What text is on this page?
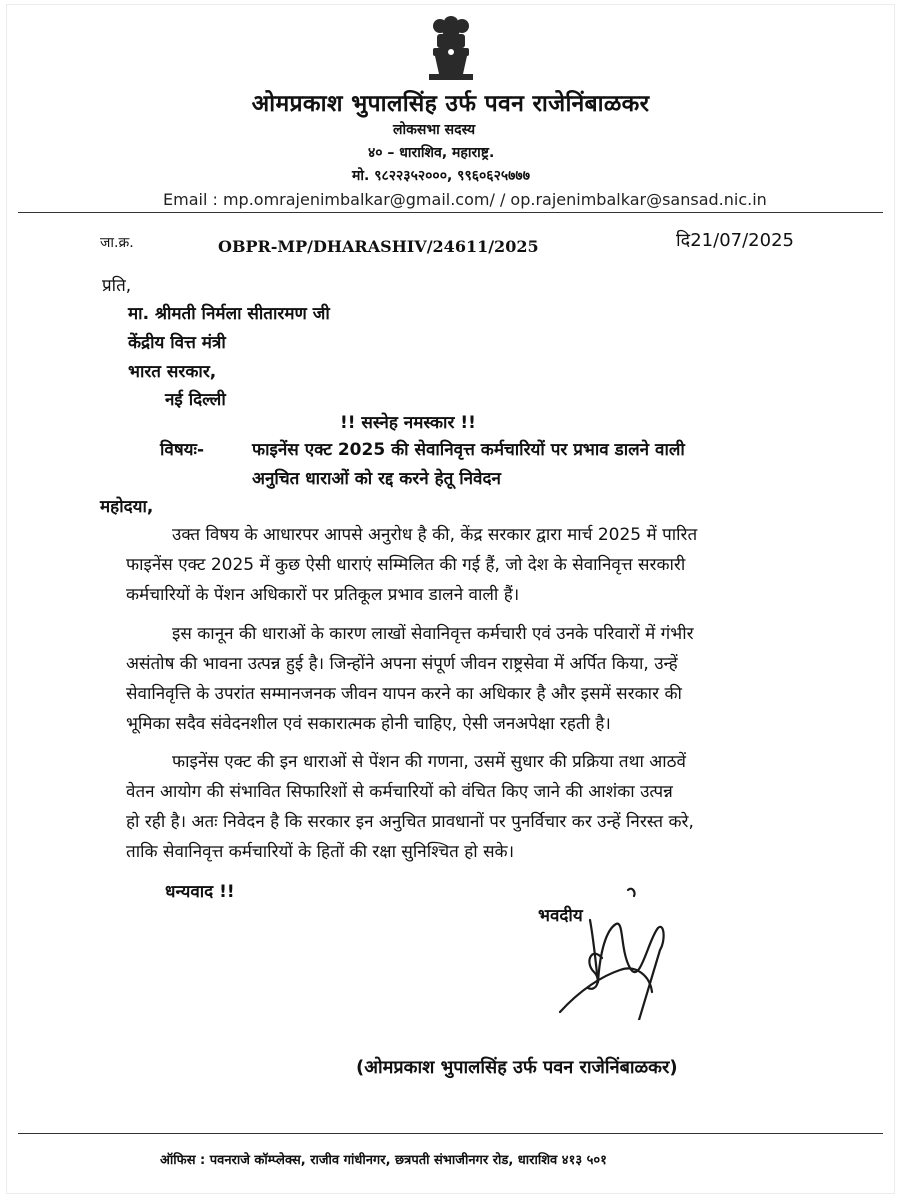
ओमप्रकाश भुपालसिंह उर्फ पवन राजेनिंबाळकर
लोकसभा सदस्य
४० – धाराशिव, महाराष्ट्र.
मो. ९८२२३५२०००, ९९६०६२५७७७
Email : mp.omrajenimbalkar@gmail.com/ / op.rajenimbalkar@sansad.nic.in
जा.क्र.	OBPR-MP/DHARASHIV/24611/2025	दि21/07/2025
प्रति,
मा. श्रीमती निर्मला सीतारमण जी
केंद्रीय वित्त मंत्री
भारत सरकार,
नई दिल्ली
!! सस्नेह नमस्कार !!
विषयः-	फाइनेंस एक्ट 2025 की सेवानिवृत्त कर्मचारियों पर प्रभाव डालने वाली
अनुचित धाराओं को रद्द करने हेतू निवेदन
महोदया,
उक्त विषय के आधारपर आपसे अनुरोध है की, केंद्र सरकार द्वारा मार्च 2025 में पारित
फाइनेंस एक्ट 2025 में कुछ ऐसी धाराएं सम्मिलित की गई हैं, जो देश के सेवानिवृत्त सरकारी
कर्मचारियों के पेंशन अधिकारों पर प्रतिकूल प्रभाव डालने वाली हैं।
इस कानून की धाराओं के कारण लाखों सेवानिवृत्त कर्मचारी एवं उनके परिवारों में गंभीर
असंतोष की भावना उत्पन्न हुई है। जिन्होंने अपना संपूर्ण जीवन राष्ट्रसेवा में अर्पित किया, उन्हें
सेवानिवृत्ति के उपरांत सम्मानजनक जीवन यापन करने का अधिकार है और इसमें सरकार की
भूमिका सदैव संवेदनशील एवं सकारात्मक होनी चाहिए, ऐसी जनअपेक्षा रहती है।
फाइनेंस एक्ट की इन धाराओं से पेंशन की गणना, उसमें सुधार की प्रक्रिया तथा आठवें
वेतन आयोग की संभावित सिफारिशों से कर्मचारियों को वंचित किए जाने की आशंका उत्पन्न
हो रही है। अतः निवेदन है कि सरकार इन अनुचित प्रावधानों पर पुनर्विचार कर उन्हें निरस्त करे,
ताकि सेवानिवृत्त कर्मचारियों के हितों की रक्षा सुनिश्चित हो सके।
धन्यवाद !!
भवदीय
(ओमप्रकाश भुपालसिंह उर्फ पवन राजेनिंबाळकर)
ऑफिस : पवनराजे कॉम्प्लेक्स, राजीव गांधीनगर, छत्रपती संभाजीनगर रोड, धाराशिव ४१३ ५०१
